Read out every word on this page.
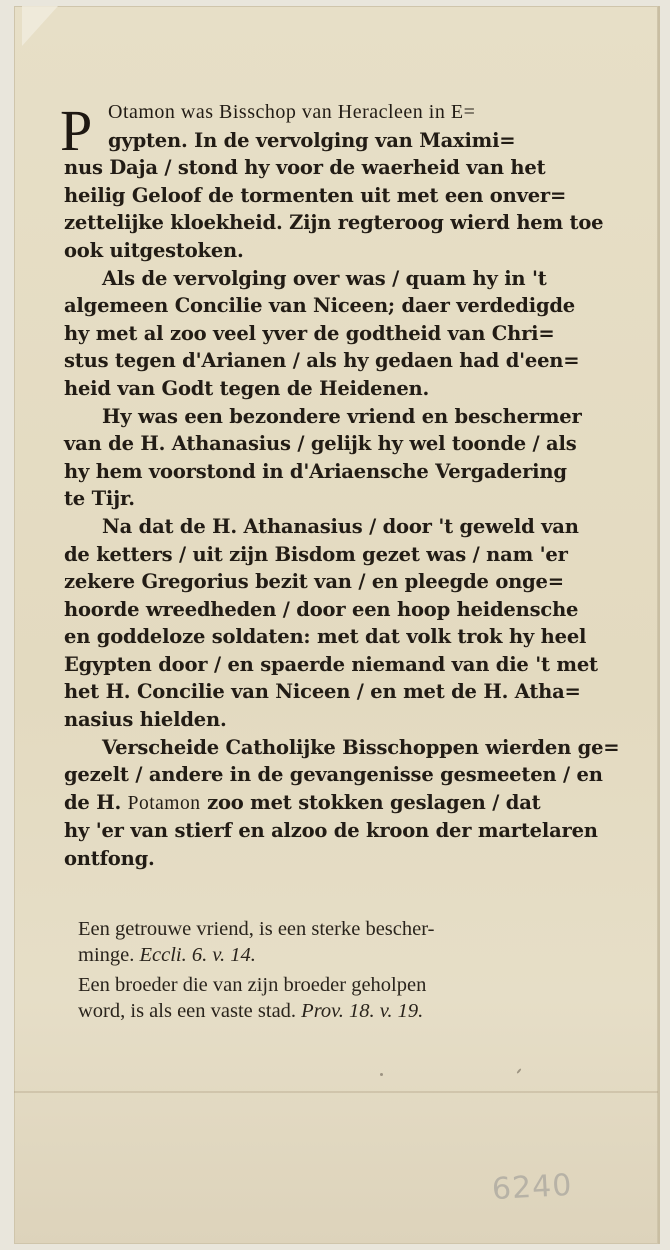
P Otamon was Bisschop van Heracleen in E=
gypten. In de vervolging van Maximi=
nus Daja / stond hy voor de waerheid van het
heilig Geloof de tormenten uit met een onver=
zettelijke kloekheid. Zijn regteroog wierd hem toe
ook uitgestoken.
Als de vervolging over was / quam hy in 't
algemeen Concilie van Niceen; daer verdedigde
hy met al zoo veel yver de godtheid van Chri=
stus tegen d'Arianen / als hy gedaen had d'een=
heid van Godt tegen de Heidenen.
Hy was een bezondere vriend en beschermer
van de H. Athanasius / gelijk hy wel toonde / als
hy hem voorstond in d'Ariaensche Vergadering
te Tijr.
Na dat de H. Athanasius / door 't geweld van
de ketters / uit zijn Bisdom gezet was / nam 'er
zekere Gregorius bezit van / en pleegde onge=
hoorde wreedheden / door een hoop heidensche
en goddeloze soldaten: met dat volk trok hy heel
Egypten door / en spaerde niemand van die 't met
het H. Concilie van Niceen / en met de H. Atha=
nasius hielden.
Verscheide Catholijke Bisschoppen wierden ge=
gezelt / andere in de gevangenisse gesmeeten / en
de H. Potamon zoo met stokken geslagen / dat
hy 'er van stierf en alzoo de kroon der martelaren
ontfong.
Een getrouwe vriend, is een sterke bescher-
minge. Eccli. 6. v. 14.
Een broeder die van zijn broeder geholpen
word, is als een vaste stad. Prov. 18. v. 19.
6240
